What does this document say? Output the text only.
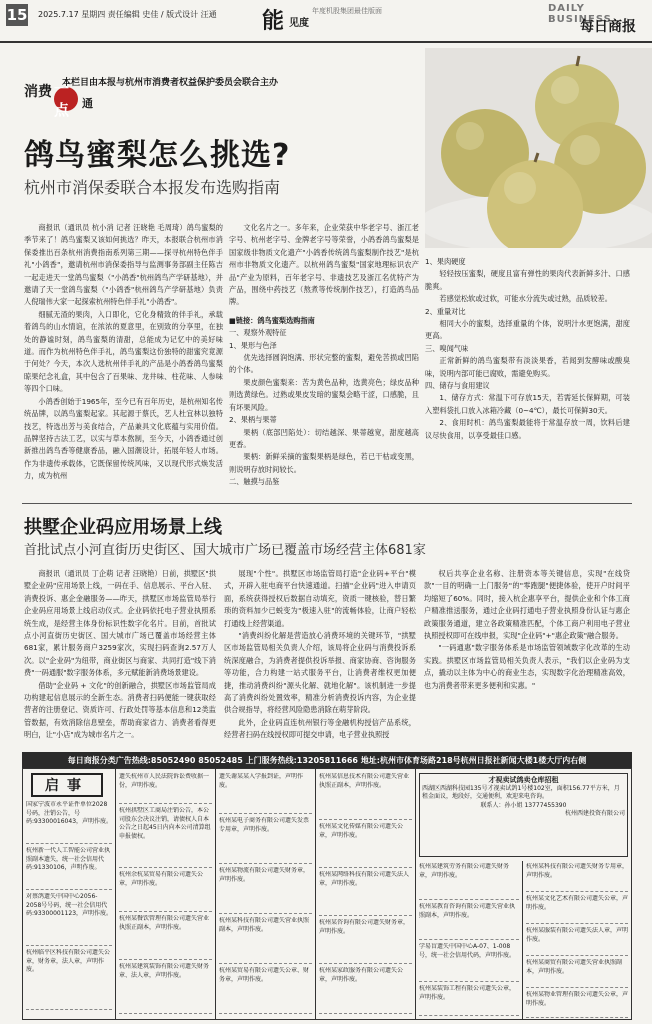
15 2025.7.17 星期四 责任编辑 史佳 / 版式设计 汪通 能 见度
年度机股集团最佳版面	DAILY BUSINESS
每日商报
消费 一点	通
本栏目由本报与杭州市消费者权益保护委员会联合主办
鸽鸟蜜梨怎么挑选?
杭州市消保委联合本报发布选购指南

商报讯（通讯员 杭小消 记者 汪晓艳 毛周琦）鸽鸟蜜梨的季节来了！鸽鸟蜜梨又该如何挑选？昨天，本报联合杭州市消保委推出百条杭州消费指南系列第三期——探寻杭州特色伴手礼"小鸽香"，邀请杭州市消保委指导与监测事务部副主任陈吉一起走进天一堂鸽鸟蜜梨（"小鸽香"杭州鸽鸟产学研基地），并邀请了天一堂鸽鸟蜜梨（"小鸽香"杭州鸽鸟产学研基地）负责人倪瑞伟大家一起探索杭州特色伴手礼"小鸽香"。

细腻无渣的果肉，入口即化，它化身精致的伴手礼，承载着鸽鸟的山水情谊，在浓浓的夏意里，在别致的分享里，在独处的静谧时刻，鸽鸟蜜梨的清甜，总能成为记忆中的美好味道。而作为杭州特色伴手礼，鸽鸟蜜梨这份独特的甜蜜究竟源于何处？今天，本次人选杭州伴手礼的产品是小鸽香鸽鸟蜜梨晾果纪念礼盒，其中包含了百果味、龙井味、柱花味、人参味等四个口味。

小鸽香创始于1965年，至今已有百年历史，是杭州知名传统品牌，以鸽鸟蜜梨起家。其起源于蔡氏，艺人杜宜林以独特技艺，特选出芳与美食结合，产品兼具文化底蕴与实用价值。品牌坚持古法工艺，以实与草本熬制，至今天，小鸽香通过创新推出鸽鸟香等健康香品，融入国潮设计，拓展年轻人市场。作为非遗传承载体，它既保留传统风味，又以现代形式焕发活力，成为杭州

文化名片之一。多年来，企业荣获中华老字号、浙江老字号、杭州老字号、金牌老字号等荣誉，小鸽香鸽鸟蜜梨是国家级非物质文化遗产"小鸽香传统鸽鸟蜜梨制作技艺"是杭州市非物质文化遗产。以杭州鸽鸟蜜梨"国家地理标识农产品"产业为原料，百年老字号、非遗技艺及浙江名优特产为产品，围绕中药技艺（熬煮等传统制作技艺），打造鸽鸟品牌。

■链接：鸽鸟蜜梨选购指南

一、观察外观特征

1、果形与色泽

优先选择圆润饱满、形状完整的蜜梨，避免苦损或凹陷的个体。

果皮颜色蜜梨来：苦为黄色品种，选黄亮色；绿皮品种则选黄绿色。过熟或果皮发暗的蜜梨会略干涩，口感脆，且有坏果风险。

2、果柄与果蒂

果柄（底部凹陷处）：切结越深、果蒂越宽，甜度越高更香。

果柄：新鲜采摘的蜜梨果柄是绿色，若已干枯或变黑，则说明存放时间较长。

二、触摸与品鉴

1、果肉硬度

轻轻按压蜜梨，硬度且富有弹性的果肉代表新鲜多汁、口感脆爽。

若感觉松软或过软，可能水分流失或过熟，品质较差。

2、重量对比

相同大小的蜜梨，选择重量的个体，说明汁水更饱满，甜度更高。

三、嗅闻气味

正常新鲜的鸽鸟蜜梨带有淡淡果香，若闻到发酵味或酸臭味，说明内部可能已腐败，需避免购买。

四、储存与食用建议

1、储存方式：常温下可存放15天，若需延长保鲜期，可装入塑料袋扎口放入冰箱冷藏（0~4℃），最长可保鲜30天。

2、食用时机：鸽鸟蜜梨最能将于常温存放一周，饮料后建议尽快食用，以享受最佳口感。

拱墅企业码应用场景上线
首批试点小河直街历史街区、国大城市广场已覆盖市场经营主体681家

商报讯（通讯员 丁企萌 记者 汪晓艳）日前，拱墅区"拱墅企业码"应用场景上线，一码在手、信息展示、平台入驻、消费投诉、惠企金融服务——昨天，拱墅区市场监管局举行企业码应用场景上线启动仪式。企业码依托电子营业执照系统生成，是经营主体身份标识性数字化名片。目前，首批试点小河直街历史街区、国大城市广场已覆盖市场经营主体681家，累计服务商户3259家次，实现扫码查询2.57万人次。以"企业码"为纽带，商业街区与商家、共同打造"线下消费"一码通服"数字服务体系，多元赋能新消费场景建设。

借助"企业码 + 文化"的创新融合，拱墅区市场监管局成功构建起信息展示的全新生态。消费者扫码便能一键获取经营者的注册登记、资质许可、行政处罚等基本信息和12类监管数据，有效消除信息壁垒，帮助商家省力、消费者看得更明白，让"小店"成为城市名片之一。

展现"个性"。拱墅区市场监管局打造"企业码+平台"模式，开辟入驻电商平台快速通道。扫描"企业码"进入申请页面，系统获得授权后数据自动填充，资质一键核验，替日繁琐的资料加少已蜕变为"极速入驻"的流畅体验，让商户轻松打通线上经营渠道。

"消费纠纷化解是营造放心消费环境的关键环节，"拱墅区市场监管局相关负责人介绍，该局将企业码与消费投诉系统深度融合，为消费者提供投诉举报、商家协商、咨询服务等功能，合力构建一站式服务平台，让消费者维权更加便捷，推动消费纠纷"源头化解、就地化解"。该机制进一步提高了消费纠纷处置效率，精准分析消费投诉内容，为企业提供合规指导，将经营风险隐患消除在萌芽阶段。

此外，企业码直连杭州银行等金融机构授信产品系统，经营者扫码在线授权即可提交申请，电子营业执照授

权后共享企业名称、注册资本等关键信息，实现"在线贷款"一目的明确一上门服务"的"零跑腿"便捷体验，使开户时间平均缩短了60%。同时，接入杭企惠享平台，提供企业和个体工商户精准推送服务，通过企业码打通电子营业执照身份认证与惠企政策服务通道，建立各政策精准匹配，个体工商户利用电子营业执照授权即可在线申报，实现"企业码"+"惠企政策"融合服务。

"一码通惠"数字服务体系是市场监管领域数字化改革的生动实践。拱墅区市场监管局相关负责人表示，"我们以企业码为支点，撬动以主体为中心的商业生态，实现数字化治理精准高效，也为消费者带来更多便利和实惠。"

每日商报分类广告热线:85052490 85052485 上门服务热线:13205811666 地址:杭州市体育场路218号杭州日报社新闻大楼1楼大厅内右侧
启事
国家宁波市永平证件单位2028号码，注销公告，号码:93300016043，声明作废。
杭州新一代人工智能公司营业执照副本遗失，统一社会信用代码:91330106，声明作废。
对蔡鸽遗失中国中心2056-2058号号码，统一社会信用代码:93300001123，声明作废。
杭州临平区科技有限公司遗失公章，财务章，法人章，声明作废。
遗失杭州市人民法院诉讼费收据一份，声明作废。
杭州拱墅区工商局注销公告，本公司股东会决议注销，请债权人自本公告之日起45日内向本公司清算组申报债权。
杭州余杭某贸易有限公司遗失公章，声明作废。
杭州某餐饮管理有限公司遗失营业执照正副本，声明作废。
杭州某建筑装饰有限公司遗失财务章、法人章，声明作废。
遗失谢某某入学报到证，声明作废。
杭州某电子商务有限公司遗失发票专用章，声明作废。
杭州某物流有限公司遗失财务章，声明作废。
杭州某科技有限公司遗失营业执照副本，声明作废。
杭州某贸易有限公司遗失公章、财务章，声明作废。
杭州某信息技术有限公司遗失营业执照正副本，声明作废。
杭州某文化传媒有限公司遗失公章，声明作废。
杭州某网络科技有限公司遗失法人章，声明作废。
杭州某咨询有限公司遗失财务章，声明作废。
杭州某家政服务有限公司遗失公章，声明作废。
才视卖试鸽卖仓库招租
西湖区西湖科技园135号才视卖试鸽1号楼102室，面积156.77平方米，月租金面议，地段好，交通便利，欢迎来电咨询。
联系人：孙小姐 13777455390
杭州西建投资有限公司
杭州某建筑劳务有限公司遗失财务章，声明作废。
杭州某教育咨询有限公司遗失营业执照副本，声明作废。
学易盲遗失中国中心A-07、1-008号，统一社会信用代码，声明作废。
杭州某装饰工程有限公司遗失公章，声明作废。
杭州某科技有限公司遗失财务专用章，声明作废。
杭州某文化艺术有限公司遗失公章，声明作废。
杭州某服装有限公司遗失法人章，声明作废。
杭州某商贸有限公司遗失营业执照副本，声明作废。
杭州某物业管理有限公司遗失公章，声明作废。
